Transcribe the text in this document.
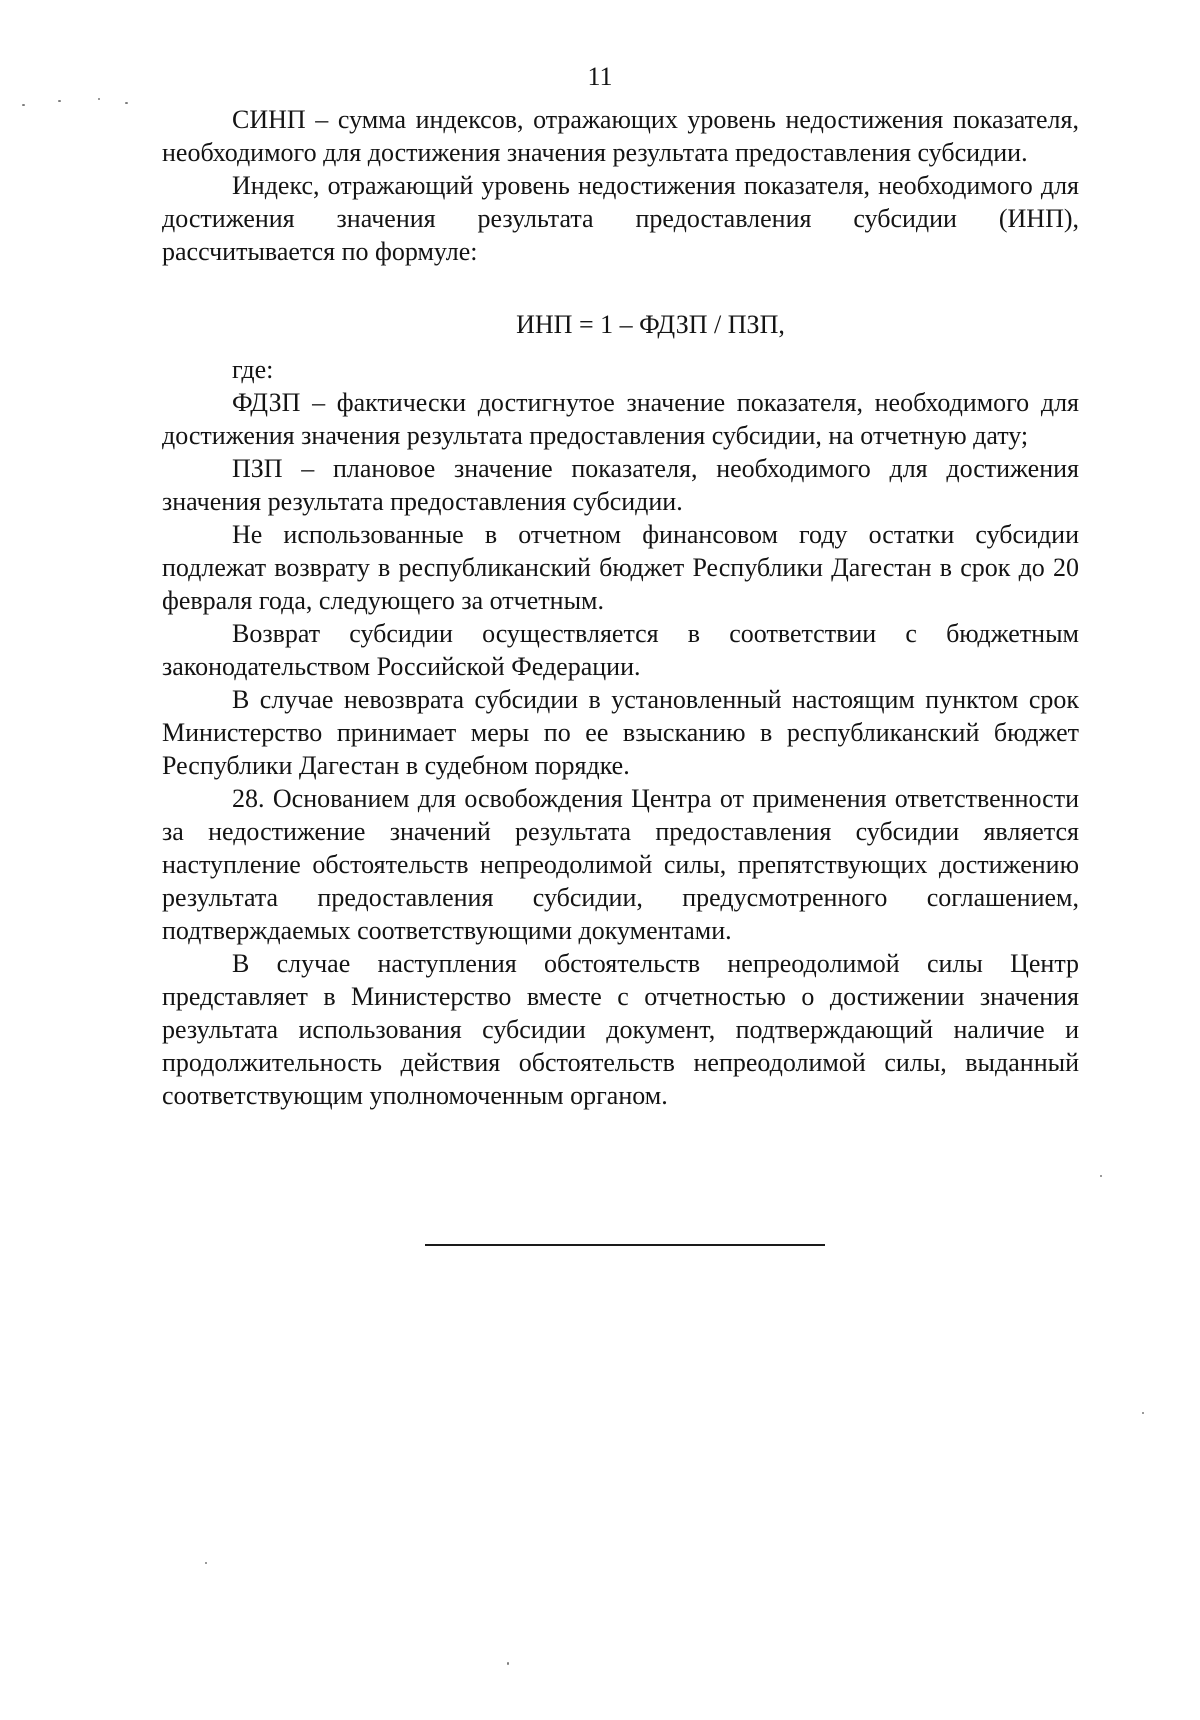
11

СИНП – сумма индексов, отражающих уровень недостижения показателя, необходимого для достижения значения результата предоставления субсидии.

Индекс, отражающий уровень недостижения показателя, необходимого для достижения значения результата предоставления субсидии (ИНП), рассчитывается по формуле:

ИНП = 1 – ФДЗП / ПЗП,

где:

ФДЗП – фактически достигнутое значение показателя, необходимого для достижения значения результата предоставления субсидии, на отчетную дату;

ПЗП – плановое значение показателя, необходимого для достижения значения результата предоставления субсидии.

Не использованные в отчетном финансовом году остатки субсидии подлежат возврату в республиканский бюджет Республики Дагестан в срок до 20 февраля года, следующего за отчетным.

Возврат субсидии осуществляется в соответствии с бюджетным законодательством Российской Федерации.

В случае невозврата субсидии в установленный настоящим пунктом срок Министерство принимает меры по ее взысканию в республиканский бюджет Республики Дагестан в судебном порядке.

28. Основанием для освобождения Центра от применения ответственности за недостижение значений результата предоставления субсидии является наступление обстоятельств непреодолимой силы, препятствующих достижению результата предоставления субсидии, предусмотренного соглашением, подтверждаемых соответствующими документами.

В случае наступления обстоятельств непреодолимой силы Центр представляет в Министерство вместе с отчетностью о достижении значения результата использования субсидии документ, подтверждающий наличие и продолжительность действия обстоятельств непреодолимой силы, выданный соответствующим уполномоченным органом.
